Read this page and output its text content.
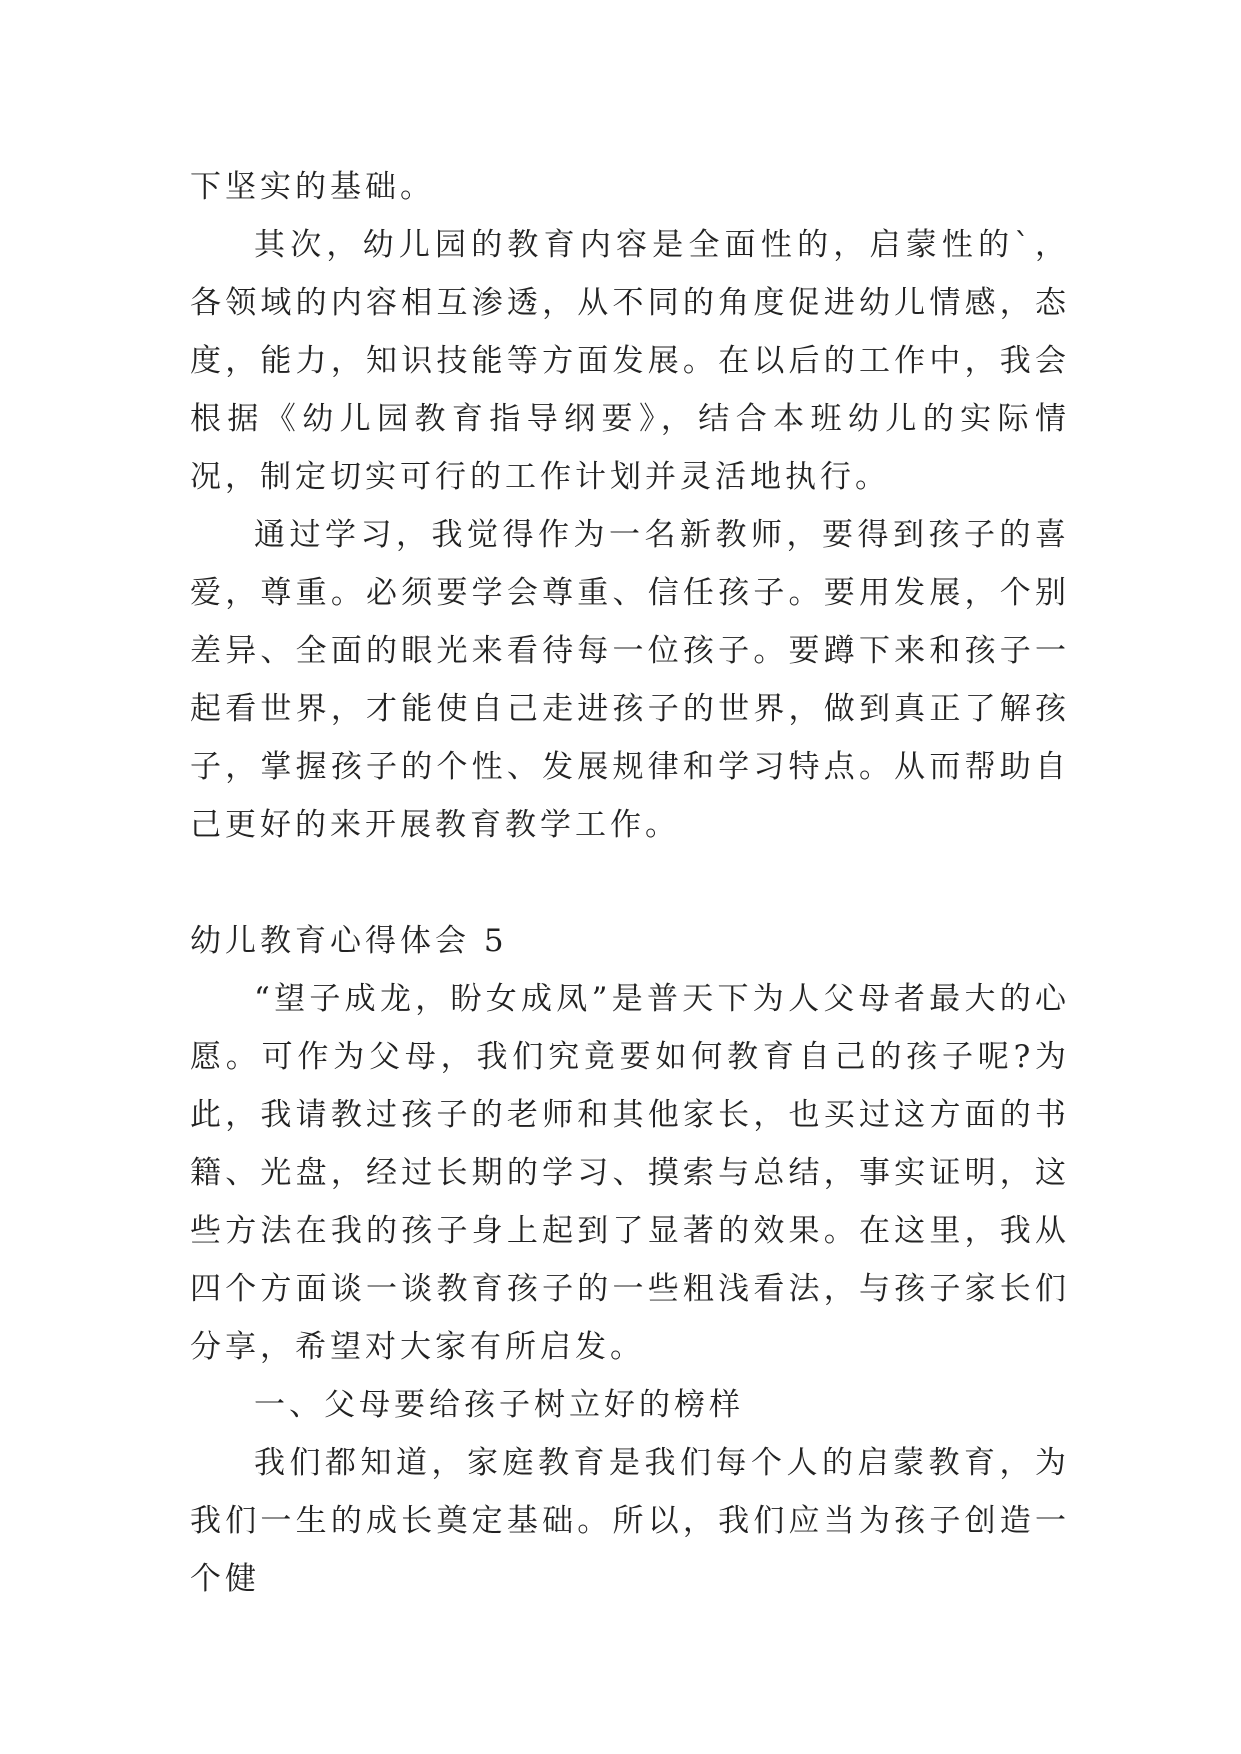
下坚实的基础。

其次，幼儿园的教育内容是全面性的，启蒙性的`，各领域的内容相互渗透，从不同的角度促进幼儿情感，态度，能力，知识技能等方面发展。在以后的工作中，我会根据《幼儿园教育指导纲要》，结合本班幼儿的实际情况，制定切实可行的工作计划并灵活地执行。

通过学习，我觉得作为一名新教师，要得到孩子的喜爱，尊重。必须要学会尊重、信任孩子。要用发展，个别差异、全面的眼光来看待每一位孩子。要蹲下来和孩子一起看世界，才能使自己走进孩子的世界，做到真正了解孩子，掌握孩子的个性、发展规律和学习特点。从而帮助自己更好的来开展教育教学工作。

幼儿教育心得体会 5

“望子成龙，盼女成凤”是普天下为人父母者最大的心愿。可作为父母，我们究竟要如何教育自己的孩子呢?为此，我请教过孩子的老师和其他家长，也买过这方面的书籍、光盘，经过长期的学习、摸索与总结，事实证明，这些方法在我的孩子身上起到了显著的效果。在这里，我从四个方面谈一谈教育孩子的一些粗浅看法，与孩子家长们分享，希望对大家有所启发。

一、父母要给孩子树立好的榜样

我们都知道，家庭教育是我们每个人的启蒙教育，为我们一生的成长奠定基础。所以，我们应当为孩子创造一个健
